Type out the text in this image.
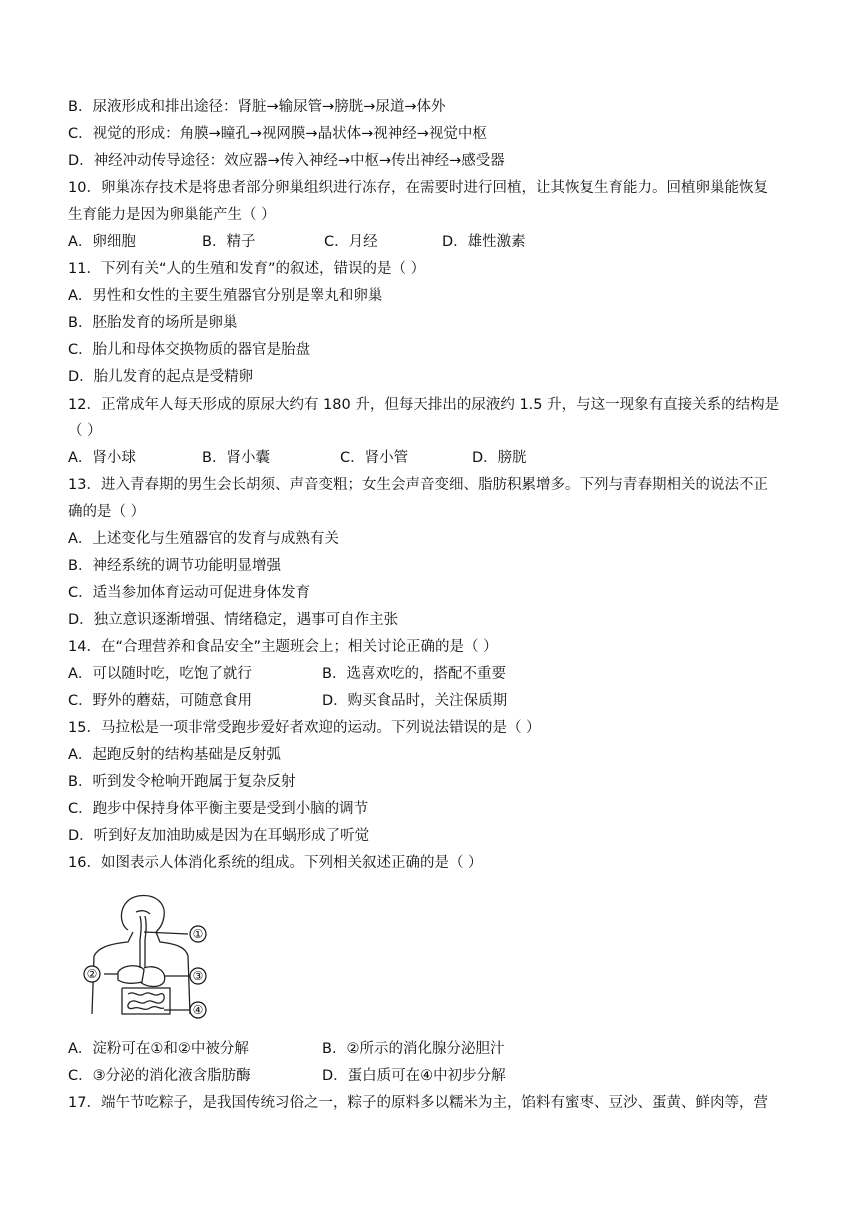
B．尿液形成和排出途径：肾脏→输尿管→膀胱→尿道→体外
C．视觉的形成：角膜→瞳孔→视网膜→晶状体→视神经→视觉中枢
D．神经冲动传导途径：效应器→传入神经→中枢→传出神经→感受器
10．卵巢冻存技术是将患者部分卵巢组织进行冻存，在需要时进行回植，让其恢复生育能力。回植卵巢能恢复
生育能力是因为卵巢能产生（ ）
A．卵细胞	B．精子	C．月经	D．雄性激素
11．下列有关“人的生殖和发育”的叙述，错误的是（ ）
A．男性和女性的主要生殖器官分别是睾丸和卵巢
B．胚胎发育的场所是卵巢
C．胎儿和母体交换物质的器官是胎盘
D．胎儿发育的起点是受精卵
12．正常成年人每天形成的原尿大约有 180 升，但每天排出的尿液约 1.5 升，与这一现象有直接关系的结构是
（ ）
A．肾小球	B．肾小囊	C．肾小管	D．膀胱
13．进入青春期的男生会长胡须、声音变粗；女生会声音变细、脂肪积累增多。下列与青春期相关的说法不正
确的是（ ）
A．上述变化与生殖器官的发育与成熟有关
B．神经系统的调节功能明显增强
C．适当参加体育运动可促进身体发育
D．独立意识逐渐增强、情绪稳定，遇事可自作主张
14．在“合理营养和食品安全”主题班会上；相关讨论正确的是（ ）
A．可以随时吃，吃饱了就行	B．选喜欢吃的，搭配不重要
C．野外的蘑菇，可随意食用	D．购买食品时，关注保质期
15．马拉松是一项非常受跑步爱好者欢迎的运动。下列说法错误的是（ ）
A．起跑反射的结构基础是反射弧
B．听到发令枪响开跑属于复杂反射
C．跑步中保持身体平衡主要是受到小脑的调节
D．听到好友加油助威是因为在耳蜗形成了听觉
16．如图表示人体消化系统的组成。下列相关叙述正确的是（ ）
①
②	③
④
A．淀粉可在①和②中被分解	B．②所示的消化腺分泌胆汁
C．③分泌的消化液含脂肪酶	D．蛋白质可在④中初步分解
17．端午节吃粽子，是我国传统习俗之一，粽子的原料多以糯米为主，馅料有蜜枣、豆沙、蛋黄、鲜肉等，营
